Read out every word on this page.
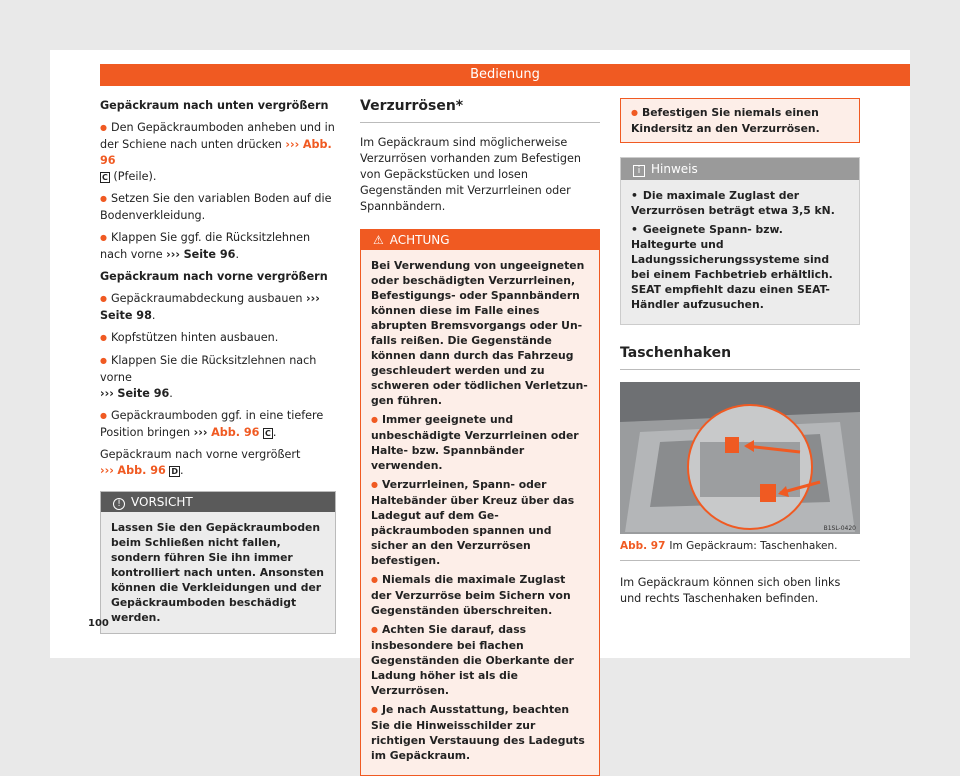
Bedienung
Gepäckraum nach unten vergrößern

● Den Gepäckraumboden anheben und in der Schiene nach unten drücken ››› Abb. 96
C (Pfeile).

● Setzen Sie den variablen Boden auf die Bodenverkleidung.

● Klappen Sie ggf. die Rücksitzlehnen nach vorne ››› Seite 96.

Gepäckraum nach vorne vergrößern

● Gepäckraumabdeckung ausbauen ››› Seite 98.

● Kopfstützen hinten ausbauen.

● Klappen Sie die Rücksitzlehnen nach vorne
››› Seite 96.

● Gepäckraumboden ggf. in eine tiefere Position bringen ››› Abb. 96 C .

Gepäckraum nach vorne vergrößert
››› Abb. 96 D .

! VORSICHT
Lassen Sie den Gepäckraumboden beim Schließen nicht fallen, sondern führen Sie ihn immer kontrolliert nach unten. Ansonsten können die Verkleidungen und der Gepäckraumboden beschädigt werden.
Verzurrösen*

Im Gepäckraum sind möglicherweise Verzurrösen vorhanden zum Befestigen von Gepäckstücken und losen Gegenständen mit Verzurrleinen oder Spannbändern.

⚠ ACHTUNG

Bei Verwendung von ungeeigneten oder beschädigten Verzurrleinen, Befestigungs- oder Spannbändern können diese im Falle eines abrupten Bremsvorgangs oder Unfalls reißen. Die Gegenstände können dann durch das Fahrzeug geschleudert werden und zu schweren oder tödlichen Verletzungen führen.

● Immer geeignete und unbeschädigte Verzurrleinen oder Halte- bzw. Spannbänder verwenden.

● Verzurrleinen, Spann- oder Haltebänder über Kreuz über das Ladegut auf dem Gepäckraumboden spannen und sicher an den Verzurrösen befestigen.

● Niemals die maximale Zuglast der Verzurröse beim Sichern von Gegenständen überschreiten.

● Achten Sie darauf, dass insbesondere bei flachen Gegenständen die Oberkante der Ladung höher ist als die Verzurrösen.

● Je nach Ausstattung, beachten Sie die Hinweisschilder zur richtigen Verstauung des Ladeguts im Gepäckraum.

● Befestigen Sie niemals einen Kindersitz an den Verzurrösen.
i Hinweis

• Die maximale Zuglast der Verzurrösen beträgt etwa 3,5 kN.

• Geeignete Spann- bzw. Haltegurte und Ladungssicherungssysteme sind bei einem Fachbetrieb erhältlich. SEAT empfiehlt dazu einen SEAT-Händler aufzusuchen.

Taschenhaken
B1SL-0420
Abb. 97 Im Gepäckraum: Taschenhaken.

Im Gepäckraum können sich oben links und rechts Taschenhaken befinden.

100
